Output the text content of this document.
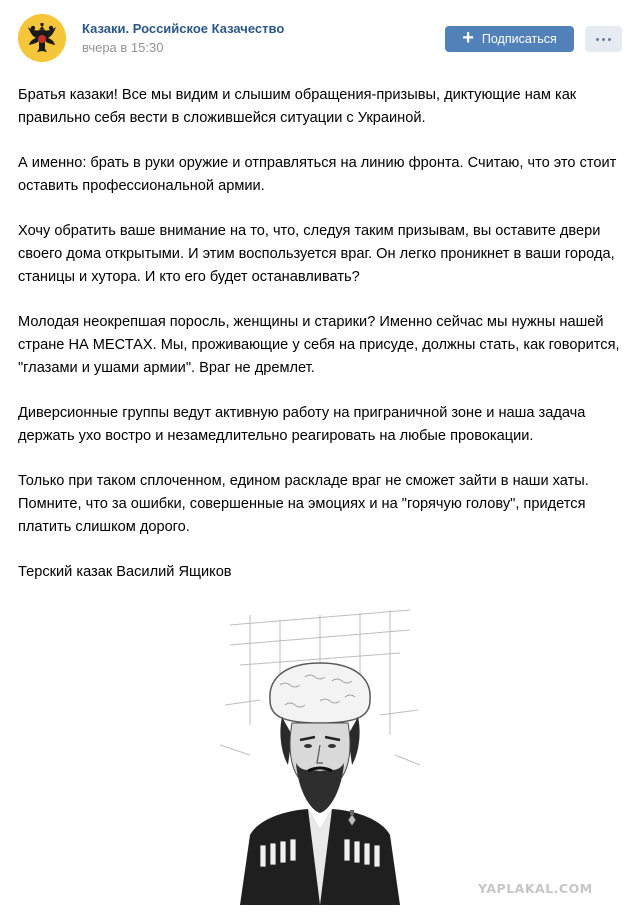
Казаки. Российское Казачество
вчера в 15:30	+ Подписаться

Братья казаки! Все мы видим и слышим обращения-призывы, диктующие нам как правильно себя вести в сложившейся ситуации с Украиной.

А именно: брать в руки оружие и отправляться на линию фронта. Считаю, что это стоит оставить профессиональной армии.

Хочу обратить ваше внимание на то, что, следуя таким призывам, вы оставите двери своего дома открытыми. И этим воспользуется враг. Он легко проникнет в ваши города, станицы и хутора. И кто его будет останавливать?

Молодая неокрепшая поросль, женщины и старики? Именно сейчас мы нужны нашей стране НА МЕСТАХ. Мы, проживающие у себя на присуде, должны стать, как говорится, "глазами и ушами армии". Враг не дремлет.

Диверсионные группы ведут активную работу на приграничной зоне и наша задача держать ухо востро и незамедлительно реагировать на любые провокации.

Только при таком сплоченном, едином раскладе враг не сможет зайти в наши хаты. Помните, что за ошибки, совершенные на эмоциях и на "горячую голову", придется платить слишком дорого.

Терский казак Василий Ящиков

YAPLAKAL.COM
